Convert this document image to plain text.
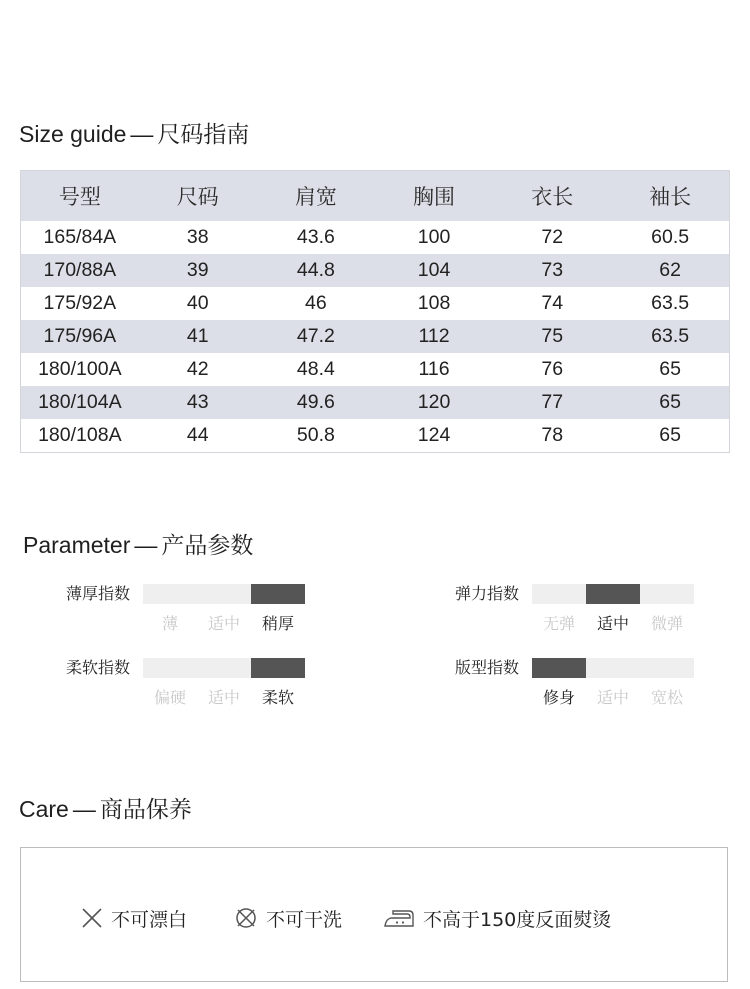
Size guide — 尺码指南
号型	尺码	肩宽	胸围	衣长	袖长
165/84A	38	43.6	100	72	60.5
170/88A	39	44.8	104	73	62
175/92A	40	46	108	74	63.5
175/96A	41	47.2	112	75	63.5
180/100A	42	48.4	116	76	65
180/104A	43	49.6	120	77	65
180/108A	44	50.8	124	78	65
Parameter — 产品参数
薄厚指数
薄	适中	稍厚
弹力指数
无弹	适中	微弹
柔软指数
偏硬	适中	柔软
版型指数
修身	适中	宽松
Care — 商品保养
不可漂白	不可干洗	不高于150度反面熨烫
